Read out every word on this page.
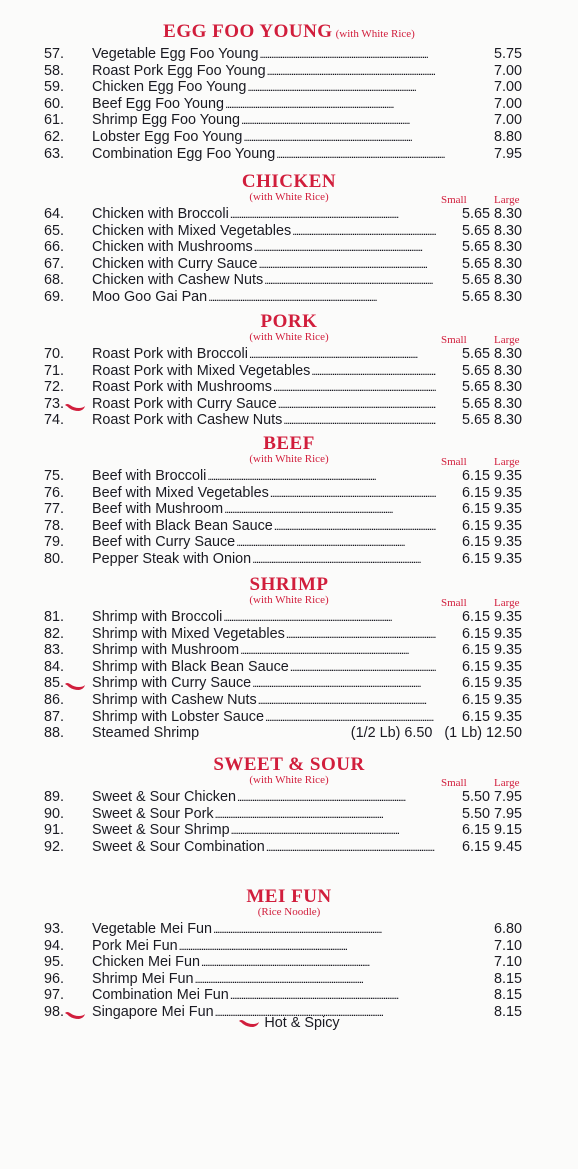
EGG FOO YOUNG (with White Rice)
57. Vegetable Egg Foo Young . . .	5.75
58. Roast Pork Egg Foo Young . . .	7.00
59. Chicken Egg Foo Young . . .	7.00
60. Beef Egg Foo Young . . .	7.00
61. Shrimp Egg Foo Young . . .	7.00
62. Lobster Egg Foo Young . . .	8.80
63. Combination Egg Foo Young . . .	7.95
CHICKEN
(with White Rice)	Small Large
64. Chicken with Broccoli . . .	5.65 8.30
65. Chicken with Mixed Vegetables . . .	5.65 8.30
66. Chicken with Mushrooms . . .	5.65 8.30
67. Chicken with Curry Sauce . . .	5.65 8.30
68. Chicken with Cashew Nuts . . .	5.65 8.30
69. Moo Goo Gai Pan . . .	5.65 8.30
PORK
(with White Rice)	Small Large
70. Roast Pork with Broccoli . . .	5.65 8.30
71. Roast Pork with Mixed Vegetables . . .	5.65 8.30
72. Roast Pork with Mushrooms . . .	5.65 8.30
73. Roast Pork with Curry Sauce . . .	5.65 8.30
74. Roast Pork with Cashew Nuts . . .	5.65 8.30
BEEF
(with White Rice)	Small Large
75. Beef with Broccoli . . .	6.15 9.35
76. Beef with Mixed Vegetables . . .	6.15 9.35
77. Beef with Mushroom . . .	6.15 9.35
78. Beef with Black Bean Sauce . . .	6.15 9.35
79. Beef with Curry Sauce . . .	6.15 9.35
80. Pepper Steak with Onion . . .	6.15 9.35
SHRIMP
(with White Rice)	Small Large
81. Shrimp with Broccoli . . .	6.15 9.35
82. Shrimp with Mixed Vegetables . . .	6.15 9.35
83. Shrimp with Mushroom . . .	6.15 9.35
84. Shrimp with Black Bean Sauce . . .	6.15 9.35
85. Shrimp with Curry Sauce . . .	6.15 9.35
86. Shrimp with Cashew Nuts . . .	6.15 9.35
87. Shrimp with Lobster Sauce . . .	6.15 9.35
88. Steamed Shrimp	(1/2 Lb) 6.50   (1 Lb) 12.50
SWEET & SOUR
(with White Rice)	Small Large
89. Sweet & Sour Chicken . . .	5.50 7.95
90. Sweet & Sour Pork . . .	5.50 7.95
91. Sweet & Sour Shrimp . . .	6.15 9.15
92. Sweet & Sour Combination . . .	6.15 9.45
MEI FUN
(Rice Noodle)
93. Vegetable Mei Fun . . .	6.80
94. Pork Mei Fun . . .	7.10
95. Chicken Mei Fun . . .	7.10
96. Shrimp Mei Fun . . .	8.15
97. Combination Mei Fun . . .	8.15
98. Singapore Mei Fun . . .	8.15
Hot & Spicy
